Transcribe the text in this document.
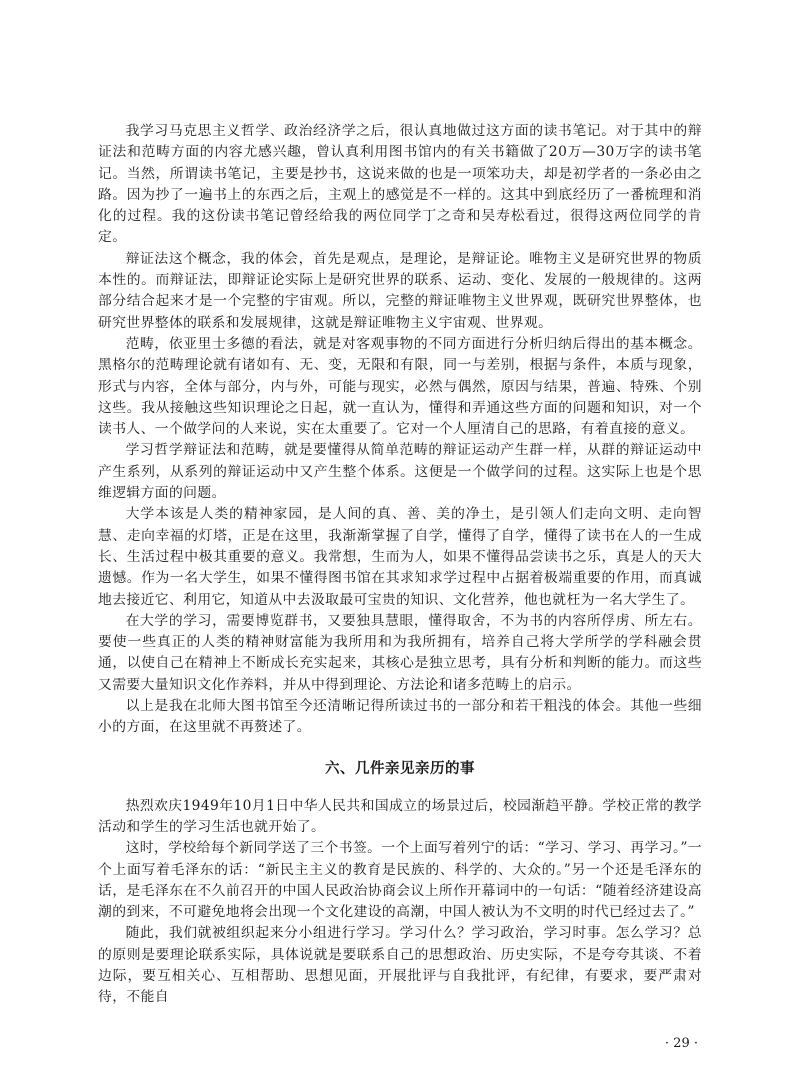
我学习马克思主义哲学、政治经济学之后，很认真地做过这方面的读书笔记。对于其中的辩证法和范畴方面的内容尤感兴趣，曾认真利用图书馆内的有关书籍做了20万—30万字的读书笔记。当然，所谓读书笔记，主要是抄书，这说来做的也是一项笨功夫，却是初学者的一条必由之路。因为抄了一遍书上的东西之后，主观上的感觉是不一样的。这其中到底经历了一番梳理和消化的过程。我的这份读书笔记曾经给我的两位同学丁之奇和吴寿松看过，很得这两位同学的肯定。

辩证法这个概念，我的体会，首先是观点，是理论，是辩证论。唯物主义是研究世界的物质本性的。而辩证法，即辩证论实际上是研究世界的联系、运动、变化、发展的一般规律的。这两部分结合起来才是一个完整的宇宙观。所以，完整的辩证唯物主义世界观，既研究世界整体，也研究世界整体的联系和发展规律，这就是辩证唯物主义宇宙观、世界观。

范畴，依亚里士多德的看法，就是对客观事物的不同方面进行分析归纳后得出的基本概念。黑格尔的范畴理论就有诸如有、无、变，无限和有限，同一与差别，根据与条件，本质与现象，形式与内容，全体与部分，内与外，可能与现实，必然与偶然，原因与结果，普遍、特殊、个别这些。我从接触这些知识理论之日起，就一直认为，懂得和弄通这些方面的问题和知识，对一个读书人、一个做学问的人来说，实在太重要了。它对一个人厘清自己的思路，有着直接的意义。

学习哲学辩证法和范畴，就是要懂得从简单范畴的辩证运动产生群一样，从群的辩证运动中产生系列，从系列的辩证运动中又产生整个体系。这便是一个做学问的过程。这实际上也是个思维逻辑方面的问题。

大学本该是人类的精神家园，是人间的真、善、美的净土，是引领人们走向文明、走向智慧、走向幸福的灯塔，正是在这里，我渐渐掌握了自学，懂得了自学，懂得了读书在人的一生成长、生活过程中极其重要的意义。我常想，生而为人，如果不懂得品尝读书之乐，真是人的天大遗憾。作为一名大学生，如果不懂得图书馆在其求知求学过程中占据着极端重要的作用，而真诚地去接近它、利用它，知道从中去汲取最可宝贵的知识、文化营养，他也就枉为一名大学生了。

在大学的学习，需要博览群书，又要独具慧眼，懂得取舍，不为书的内容所俘虏、所左右。要使一些真正的人类的精神财富能为我所用和为我所拥有，培养自己将大学所学的学科融会贯通，以使自己在精神上不断成长充实起来，其核心是独立思考，具有分析和判断的能力。而这些又需要大量知识文化作养料，并从中得到理论、方法论和诸多范畴上的启示。

以上是我在北师大图书馆至今还清晰记得所读过书的一部分和若干粗浅的体会。其他一些细小的方面，在这里就不再赘述了。

六、几件亲见亲历的事

热烈欢庆1949年10月1日中华人民共和国成立的场景过后，校园渐趋平静。学校正常的教学活动和学生的学习生活也就开始了。

这时，学校给每个新同学送了三个书签。一个上面写着列宁的话：“学习、学习、再学习。”一个上面写着毛泽东的话：“新民主主义的教育是民族的、科学的、大众的。”另一个还是毛泽东的话，是毛泽东在不久前召开的中国人民政治协商会议上所作开幕词中的一句话：“随着经济建设高潮的到来，不可避免地将会出现一个文化建设的高潮，中国人被认为不文明的时代已经过去了。”

随此，我们就被组织起来分小组进行学习。学习什么？学习政治，学习时事。怎么学习？总的原则是要理论联系实际，具体说就是要联系自己的思想政治、历史实际，不是夸夸其谈、不着边际，要互相关心、互相帮助、思想见面，开展批评与自我批评，有纪律，有要求，要严肃对待，不能自

· 29 ·
